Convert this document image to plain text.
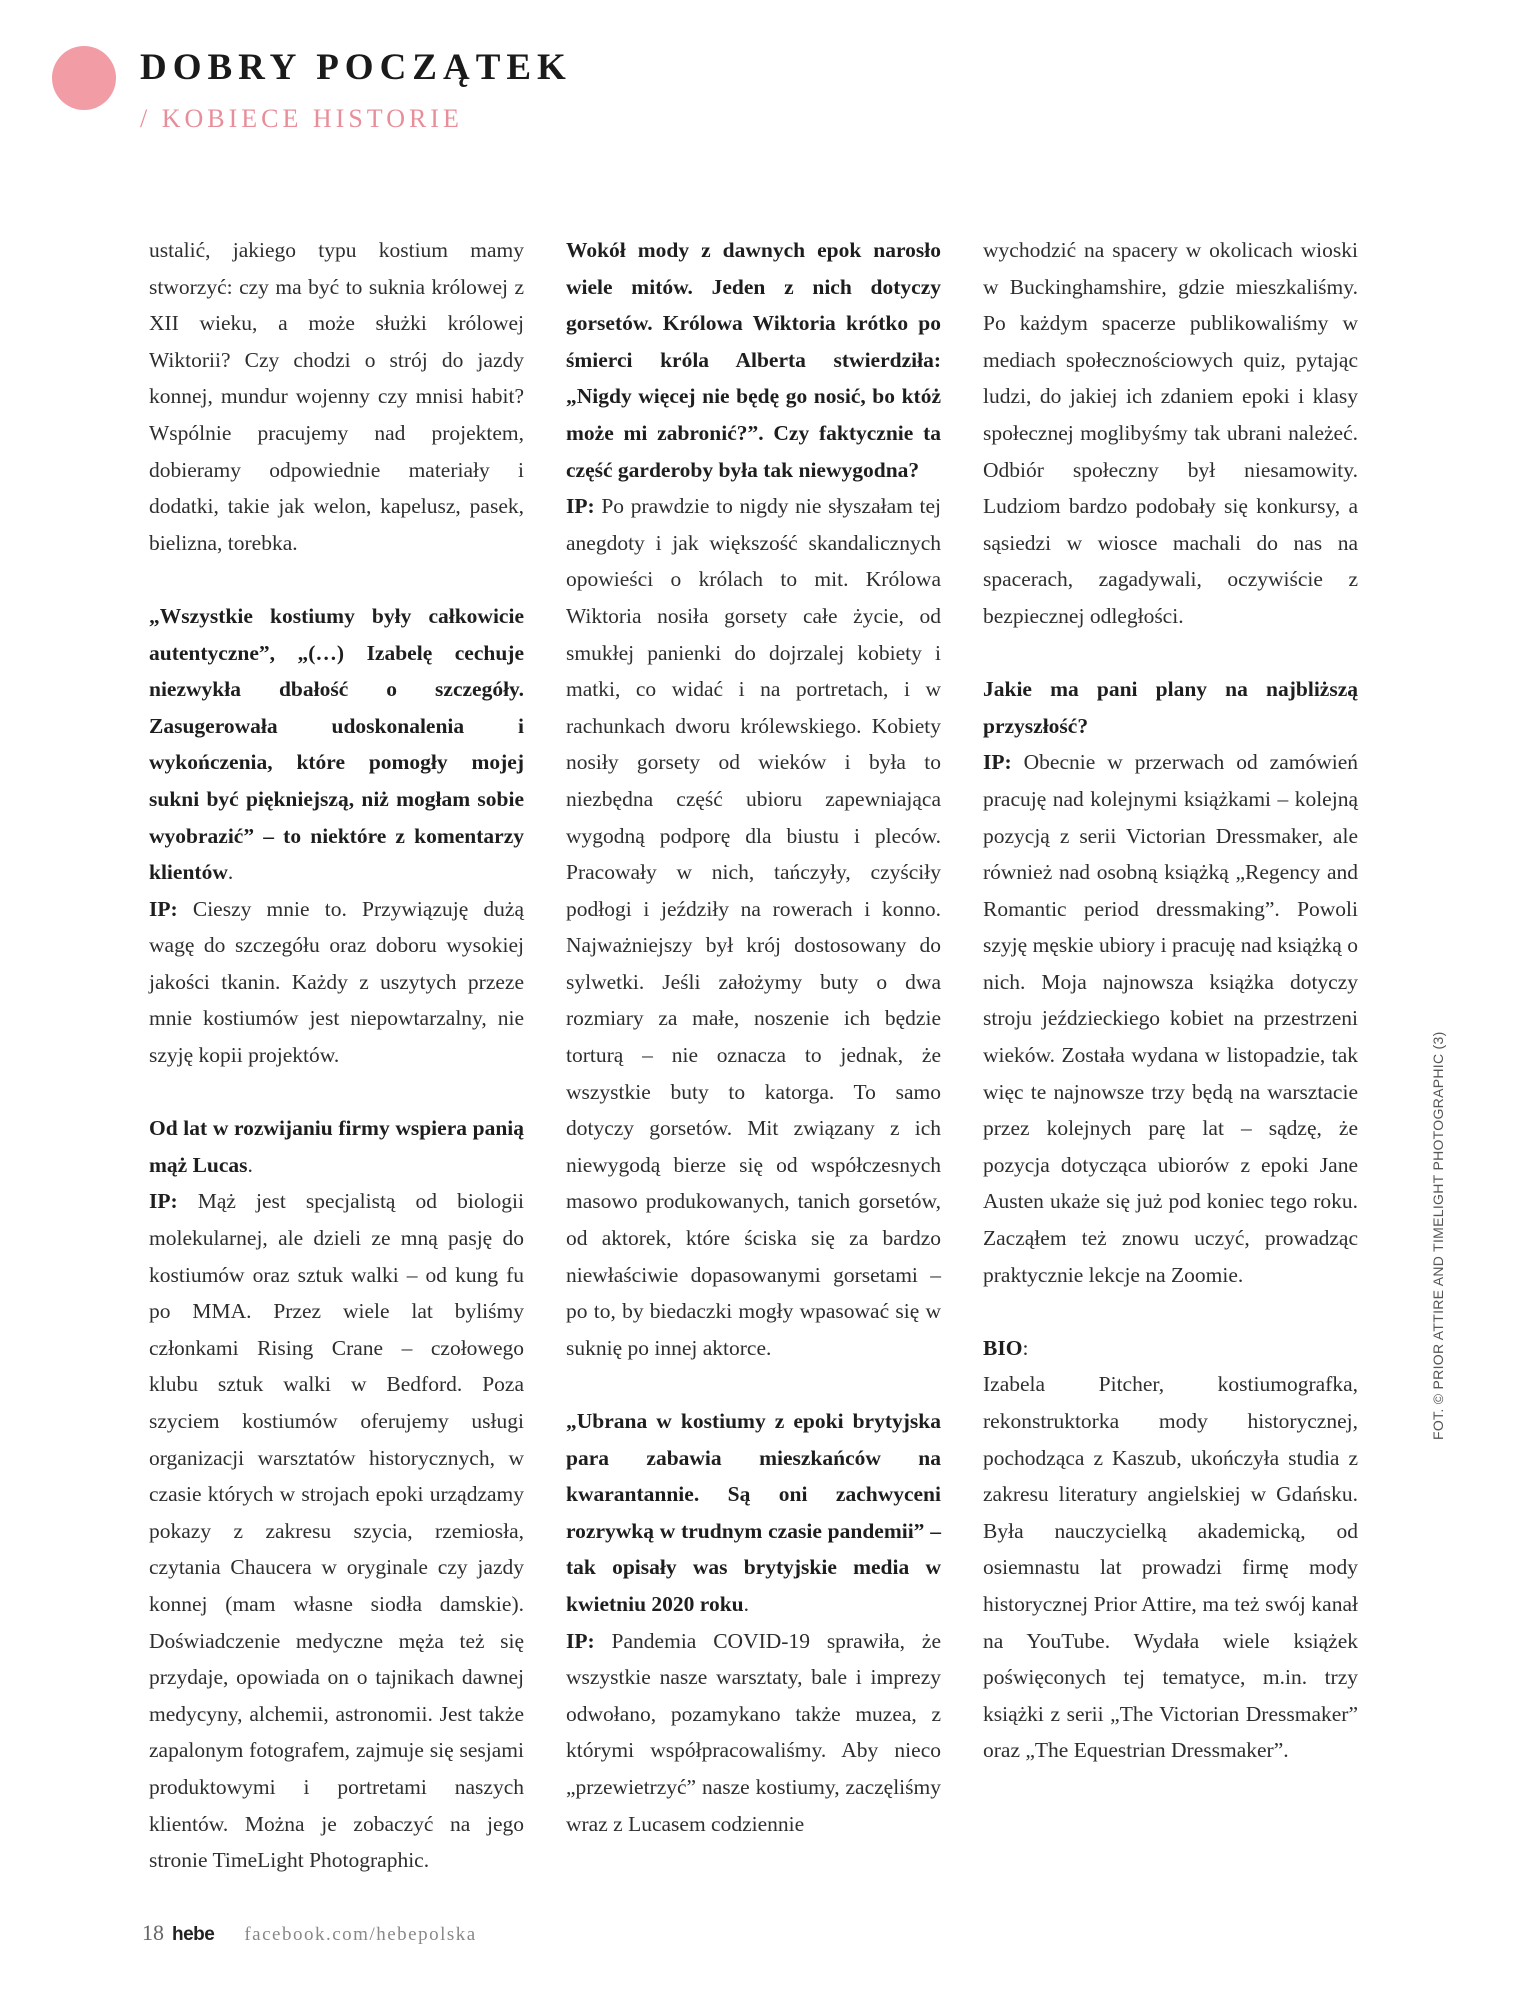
DOBRY POCZĄTEK
/ KOBIECE HISTORIE

ustalić, jakiego typu kostium mamy stworzyć: czy ma być to suknia królowej z XII wieku, a może służki królowej Wiktorii? Czy chodzi o strój do jazdy konnej, mundur wojenny czy mnisi habit? Wspólnie pracujemy nad projektem, dobieramy odpowiednie materiały i dodatki, takie jak welon, kapelusz, pasek, bielizna, torebka.

„Wszystkie kostiumy były całkowicie autentyczne”, „(…) Izabelę cechuje niezwykła dbałość o szczegóły. Zasugerowała udoskonalenia i wykończenia, które pomogły mojej sukni być piękniejszą, niż mogłam sobie wyobrazić” – to niektóre z komentarzy klientów.
IP: Cieszy mnie to. Przywiązuję dużą wagę do szczegółu oraz doboru wysokiej jakości tkanin. Każdy z uszytych przeze mnie kostiumów jest niepowtarzalny, nie szyję kopii projektów.

Od lat w rozwijaniu firmy wspiera panią mąż Lucas.
IP: Mąż jest specjalistą od biologii molekularnej, ale dzieli ze mną pasję do kostiumów oraz sztuk walki – od kung fu po MMA. Przez wiele lat byliśmy członkami Rising Crane – czołowego klubu sztuk walki w Bedford. Poza szyciem kostiumów oferujemy usługi organizacji warsztatów historycznych, w czasie których w strojach epoki urządzamy pokazy z zakresu szycia, rzemiosła, czytania Chaucera w oryginale czy jazdy konnej (mam własne siodła damskie). Doświadczenie medyczne męża też się przydaje, opowiada on o tajnikach dawnej medycyny, alchemii, astronomii. Jest także zapalonym fotografem, zajmuje się sesjami produktowymi i portretami naszych klientów. Można je zobaczyć na jego stronie TimeLight Photographic.

Wokół mody z dawnych epok narosło wiele mitów. Jeden z nich dotyczy gorsetów. Królowa Wiktoria krótko po śmierci króla Alberta stwierdziła: „Nigdy więcej nie będę go nosić, bo któż może mi zabronić?”. Czy faktycznie ta część garderoby była tak niewygodna?
IP: Po prawdzie to nigdy nie słyszałam tej anegdoty i jak większość skandalicznych opowieści o królach to mit. Królowa Wiktoria nosiła gorsety całe życie, od smukłej panienki do dojrzalej kobiety i matki, co widać i na portretach, i w rachunkach dworu królewskiego. Kobiety nosiły gorsety od wieków i była to niezbędna część ubioru zapewniająca wygodną podporę dla biustu i pleców. Pracowały w nich, tańczyły, czyściły podłogi i jeździły na rowerach i konno. Najważniejszy był krój dostosowany do sylwetki. Jeśli założymy buty o dwa rozmiary za małe, noszenie ich będzie torturą – nie oznacza to jednak, że wszystkie buty to katorga. To samo dotyczy gorsetów. Mit związany z ich niewygodą bierze się od współczesnych masowo produkowanych, tanich gorsetów, od aktorek, które ściska się za bardzo niewłaściwie dopasowanymi gorsetami – po to, by biedaczki mogły wpasować się w suknię po innej aktorce.

„Ubrana w kostiumy z epoki brytyjska para zabawia mieszkańców na kwarantannie. Są oni zachwyceni rozrywką w trudnym czasie pandemii” – tak opisały was brytyjskie media w kwietniu 2020 roku.
IP: Pandemia COVID-19 sprawiła, że wszystkie nasze warsztaty, bale i imprezy odwołano, pozamykano także muzea, z którymi współpracowaliśmy. Aby nieco „przewietrzyć” nasze kostiumy, zaczęliśmy wraz z Lucasem codziennie

wychodzić na spacery w okolicach wioski w Buckinghamshire, gdzie mieszkaliśmy. Po każdym spacerze publikowaliśmy w mediach społecznościowych quiz, pytając ludzi, do jakiej ich zdaniem epoki i klasy społecznej moglibyśmy tak ubrani należeć. Odbiór społeczny był niesamowity. Ludziom bardzo podobały się konkursy, a sąsiedzi w wiosce machali do nas na spacerach, zagadywali, oczywiście z bezpiecznej odległości.

Jakie ma pani plany na najbliższą przyszłość?
IP: Obecnie w przerwach od zamówień pracuję nad kolejnymi książkami – kolejną pozycją z serii Victorian Dressmaker, ale również nad osobną książką „Regency and Romantic period dressmaking”. Powoli szyję męskie ubiory i pracuję nad książką o nich. Moja najnowsza książka dotyczy stroju jeździeckiego kobiet na przestrzeni wieków. Została wydana w listopadzie, tak więc te najnowsze trzy będą na warsztacie przez kolejnych parę lat – sądzę, że pozycja dotycząca ubiorów z epoki Jane Austen ukaże się już pod koniec tego roku. Zacząłem też znowu uczyć, prowadząc praktycznie lekcje na Zoomie.

BIO:
Izabela Pitcher, kostiumografka, rekonstruktorka mody historycznej, pochodząca z Kaszub, ukończyła studia z zakresu literatury angielskiej w Gdańsku. Była nauczycielką akademicką, od osiemnastu lat prowadzi firmę mody historycznej Prior Attire, ma też swój kanał na YouTube. Wydała wiele książek poświęconych tej tematyce, m.in. trzy książki z serii „The Victorian Dressmaker” oraz „The Equestrian Dressmaker”.

FOT. © PRIOR ATTIRE AND TIMELIGHT PHOTOGRAPHIC (3)
18 hebe facebook.com/hebepolska
